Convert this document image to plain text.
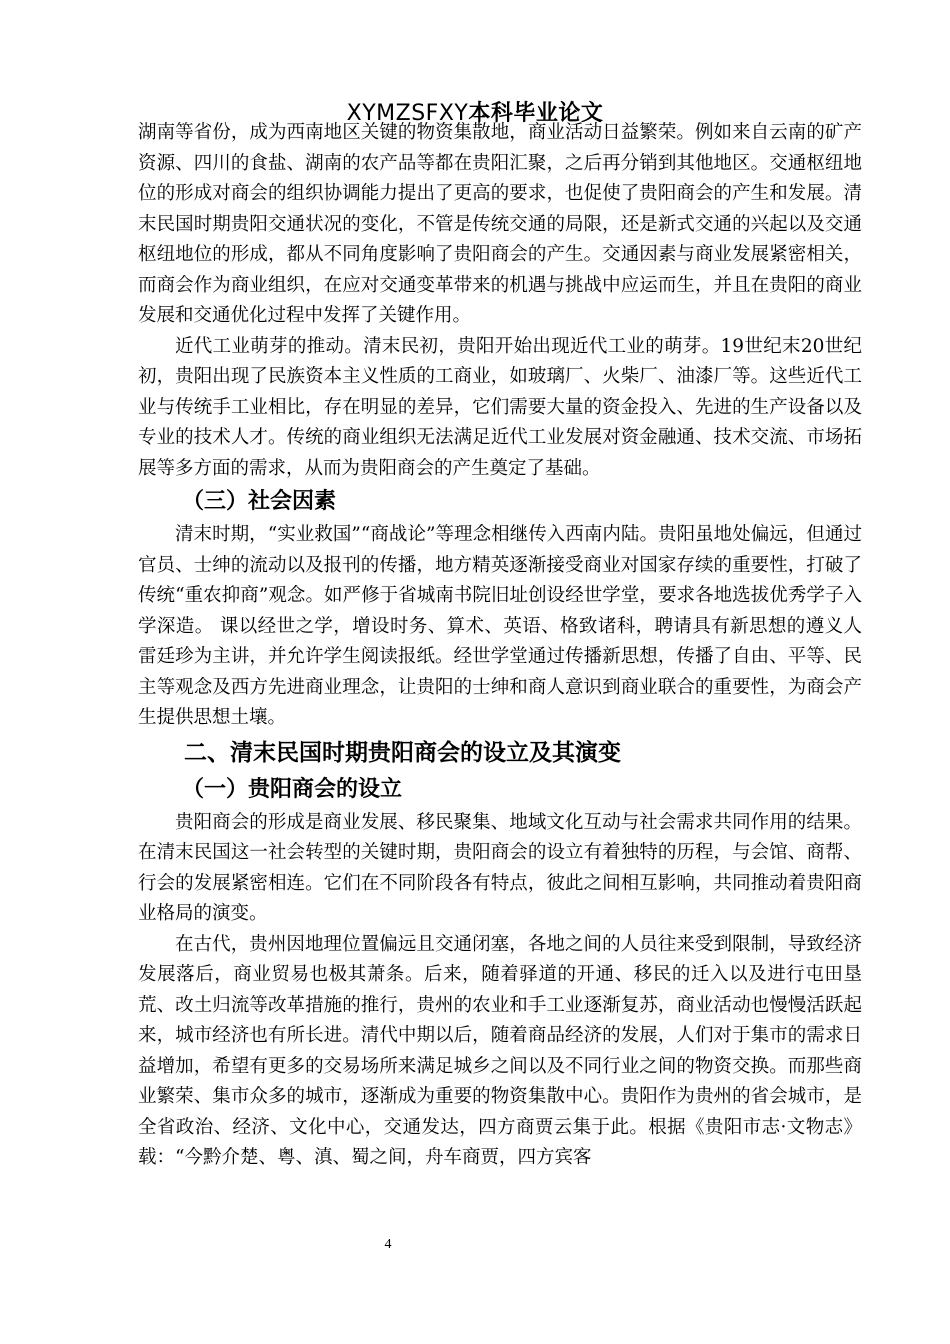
XYMZSFXY本科毕业论文

湖南等省份，成为西南地区关键的物资集散地，商业活动日益繁荣。例如来自云南的矿产资源、四川的食盐、湖南的农产品等都在贵阳汇聚，之后再分销到其他地区。交通枢纽地位的形成对商会的组织协调能力提出了更高的要求，也促使了贵阳商会的产生和发展。清末民国时期贵阳交通状况的变化，不管是传统交通的局限，还是新式交通的兴起以及交通枢纽地位的形成，都从不同角度影响了贵阳商会的产生。交通因素与商业发展紧密相关，而商会作为商业组织，在应对交通变革带来的机遇与挑战中应运而生，并且在贵阳的商业发展和交通优化过程中发挥了关键作用。

近代工业萌芽的推动。清末民初，贵阳开始出现近代工业的萌芽。19世纪末20世纪初，贵阳出现了民族资本主义性质的工商业，如玻璃厂、火柴厂、油漆厂等。这些近代工业与传统手工业相比，存在明显的差异，它们需要大量的资金投入、先进的生产设备以及专业的技术人才。传统的商业组织无法满足近代工业发展对资金融通、技术交流、市场拓展等多方面的需求，从而为贵阳商会的产生奠定了基础。

（三）社会因素

清末时期，“实业救国”“商战论”等理念相继传入西南内陆。贵阳虽地处偏远，但通过官员、士绅的流动以及报刊的传播，地方精英逐渐接受商业对国家存续的重要性，打破了传统“重农抑商”观念。如严修于省城南书院旧址创设经世学堂，要求各地选拔优秀学子入学深造。 课以经世之学，增设时务、算术、英语、格致诸科，聘请具有新思想的遵义人雷廷珍为主讲，并允许学生阅读报纸。经世学堂通过传播新思想，传播了自由、平等、民主等观念及西方先进商业理念，让贵阳的士绅和商人意识到商业联合的重要性，为商会产生提供思想土壤。

二、清末民国时期贵阳商会的设立及其演变
（一）贵阳商会的设立

贵阳商会的形成是商业发展、移民聚集、地域文化互动与社会需求共同作用的结果。在清末民国这一社会转型的关键时期，贵阳商会的设立有着独特的历程，与会馆、商帮、行会的发展紧密相连。它们在不同阶段各有特点，彼此之间相互影响，共同推动着贵阳商业格局的演变。

在古代，贵州因地理位置偏远且交通闭塞，各地之间的人员往来受到限制，导致经济发展落后，商业贸易也极其萧条。后来，随着驿道的开通、移民的迁入以及进行屯田垦荒、改土归流等改革措施的推行，贵州的农业和手工业逐渐复苏，商业活动也慢慢活跃起来，城市经济也有所长进。清代中期以后，随着商品经济的发展，人们对于集市的需求日益增加，希望有更多的交易场所来满足城乡之间以及不同行业之间的物资交换。而那些商业繁荣、集市众多的城市，逐渐成为重要的物资集散中心。贵阳作为贵州的省会城市，是全省政治、经济、文化中心，交通发达，四方商贾云集于此。根据《贵阳市志·文物志》载：“今黔介楚、粤、滇、蜀之间，舟车商贾，四方宾客

4
